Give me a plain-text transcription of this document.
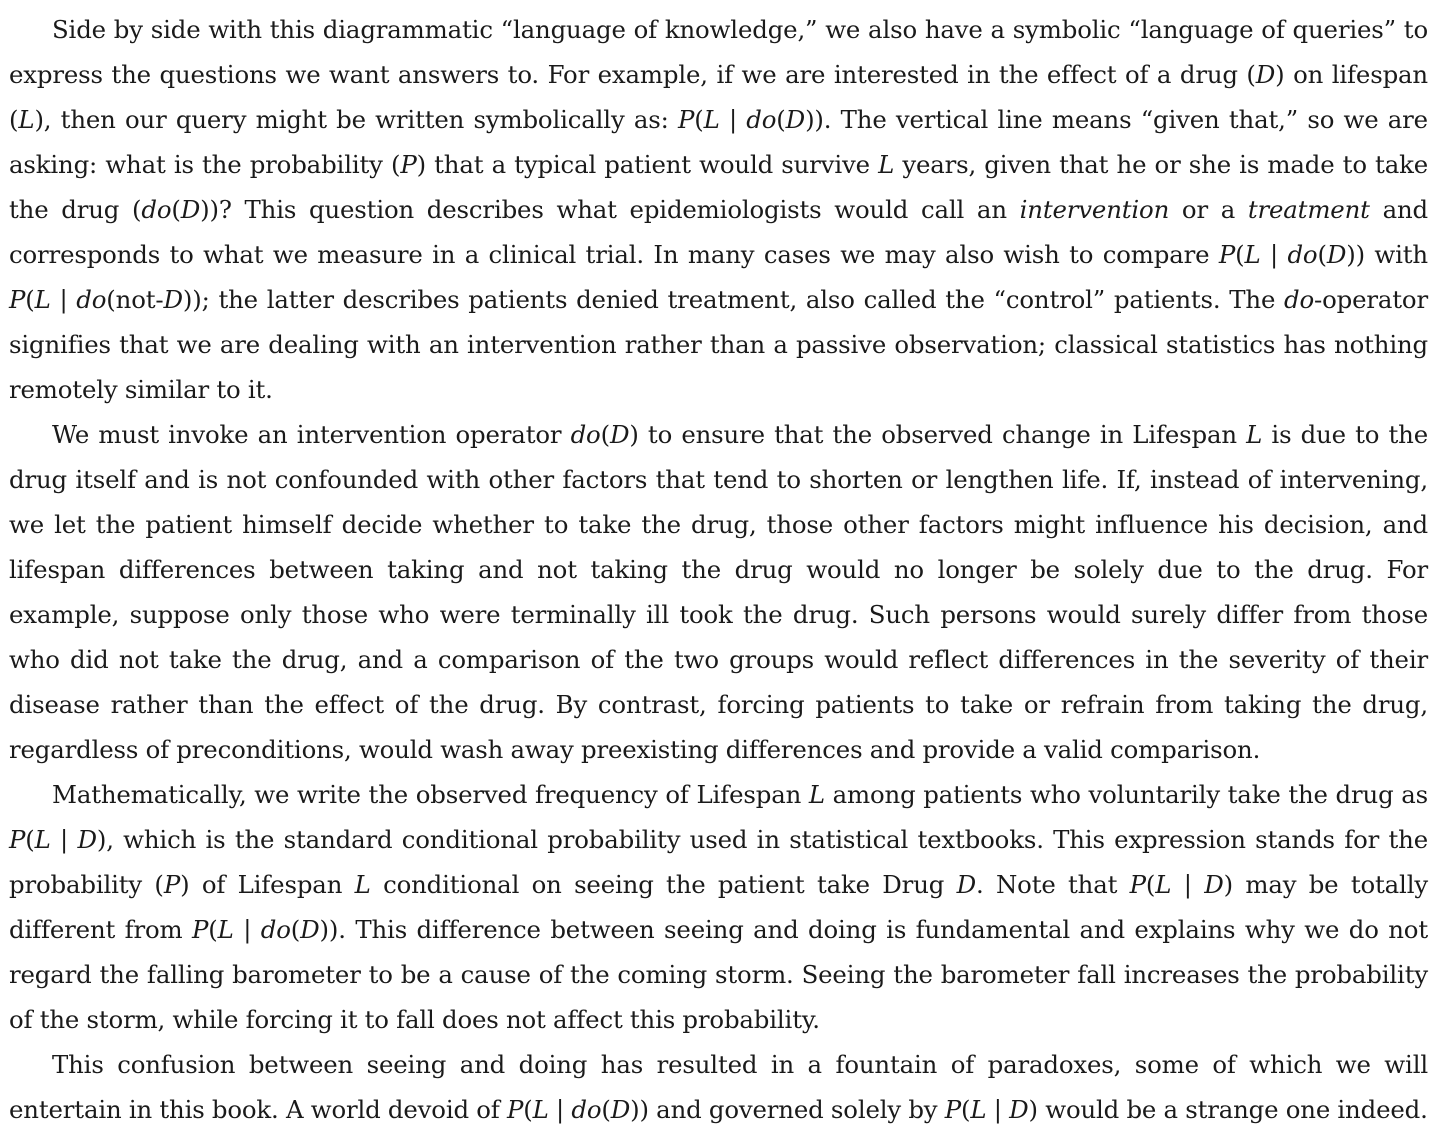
Side by side with this diagrammatic “language of knowledge,” we also have a symbolic “language of queries” to express the questions we want answers to. For example, if we are interested in the effect of a drug (D) on lifespan (L), then our query might be written symbolically as: P(L | do(D)). The vertical line means “given that,” so we are asking: what is the probability (P) that a typical patient would survive L years, given that he or she is made to take the drug (do(D))? This question describes what epidemiologists would call an intervention or a treatment and corresponds to what we measure in a clinical trial. In many cases we may also wish to compare P(L | do(D)) with P(L | do(not-D)); the latter describes patients denied treatment, also called the “control” patients. The do-operator signifies that we are dealing with an intervention rather than a passive observation; classical statistics has nothing remotely similar to it.

We must invoke an intervention operator do(D) to ensure that the observed change in Lifespan L is due to the drug itself and is not confounded with other factors that tend to shorten or lengthen life. If, instead of intervening, we let the patient himself decide whether to take the drug, those other factors might influence his decision, and lifespan differences between taking and not taking the drug would no longer be solely due to the drug. For example, suppose only those who were terminally ill took the drug. Such persons would surely differ from those who did not take the drug, and a comparison of the two groups would reflect differences in the severity of their disease rather than the effect of the drug. By contrast, forcing patients to take or refrain from taking the drug, regardless of preconditions, would wash away preexisting differences and provide a valid comparison.

Mathematically, we write the observed frequency of Lifespan L among patients who voluntarily take the drug as P(L | D), which is the standard conditional probability used in statistical textbooks. This expression stands for the probability (P) of Lifespan L conditional on seeing the patient take Drug D. Note that P(L | D) may be totally different from P(L | do(D)). This difference between seeing and doing is fundamental and explains why we do not regard the falling barometer to be a cause of the coming storm. Seeing the barometer fall increases the probability of the storm, while forcing it to fall does not affect this probability.

This confusion between seeing and doing has resulted in a fountain of paradoxes, some of which we will entertain in this book. A world devoid of P(L | do(D)) and governed solely by P(L | D) would be a strange one indeed.
